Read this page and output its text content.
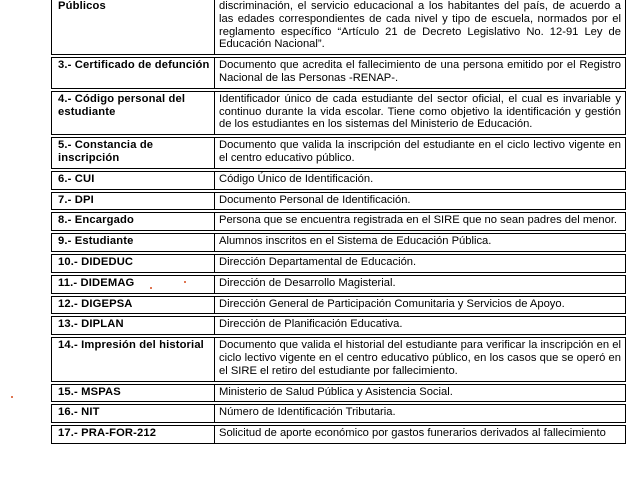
Públicos	discriminación, el servicio educacional a los habitantes del país, de acuerdo a las edades correspondientes de cada nivel y tipo de escuela, normados por el reglamento específico “Artículo 21 de Decreto Legislativo No. 12-91 Ley de Educación Nacional”.

3.- Certificado de defunción	Documento que acredita el fallecimiento de una persona emitido por el Registro Nacional de las Personas -RENAP-.

4.- Código personal del estudiante	Identificador único de cada estudiante del sector oficial, el cual es invariable y continuo durante la vida escolar. Tiene como objetivo la identificación y gestión de los estudiantes en los sistemas del Ministerio de Educación.

5.- Constancia de inscripción	Documento que valida la inscripción del estudiante en el ciclo lectivo vigente en el centro educativo público.

6.- CUI	Código Único de Identificación.

7.- DPI	Documento Personal de Identificación.

8.- Encargado	Persona que se encuentra registrada en el SIRE que no sean padres del menor.

9.- Estudiante	Alumnos inscritos en el Sistema de Educación Pública.

10.- DIDEDUC	Dirección Departamental de Educación.

11.- DIDEMAG	Dirección de Desarrollo Magisterial.

12.- DIGEPSA	Dirección General de Participación Comunitaria y Servicios de Apoyo.

13.- DIPLAN	Dirección de Planificación Educativa.

14.- Impresión del historial	Documento que valida el historial del estudiante para verificar la inscripción en el ciclo lectivo vigente en el centro educativo público, en los casos que se operó en el SIRE el retiro del estudiante por fallecimiento.

15.- MSPAS	Ministerio de Salud Pública y Asistencia Social.

16.- NIT	Número de Identificación Tributaria.

17.- PRA-FOR-212	Solicitud de aporte económico por gastos funerarios derivados al fallecimiento
